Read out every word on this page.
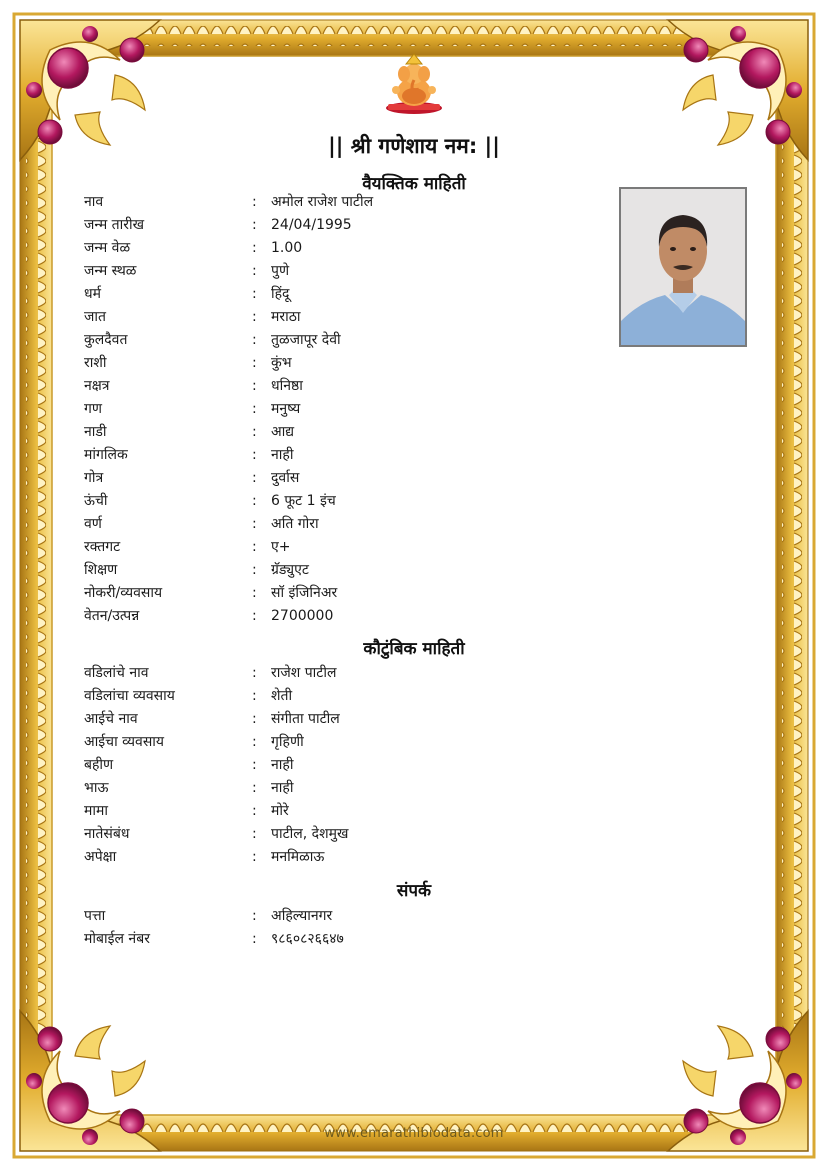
|| श्री गणेशाय नम: ||
वैयक्तिक माहिती
नाव	: अमोल राजेश पाटील
जन्म तारीख	: 24/04/1995
जन्म वेळ	: 1.00
जन्म स्थळ	: पुणे
धर्म	: हिंदू
जात	: मराठा
कुलदैवत	: तुळजापूर देवी
राशी	: कुंभ
नक्षत्र	: धनिष्ठा
गण	: मनुष्य
नाडी	: आद्य
मांगलिक	: नाही
गोत्र	: दुर्वास
ऊंची	: 6 फूट 1 इंच
वर्ण	: अति गोरा
रक्तगट	: ए+
शिक्षण	: ग्रॅड्युएट
नोकरी/व्यवसाय	: सॉ इंजिनिअर
वेतन/उत्पन्न	: 2700000
कौटुंबिक माहिती
वडिलांचे नाव	: राजेश पाटील
वडिलांचा व्यवसाय	: शेती
आईचे नाव	: संगीता पाटील
आईचा व्यवसाय	: गृहिणी
बहीण	: नाही
भाऊ	: नाही
मामा	: मोरे
नातेसंबंध	: पाटील, देशमुख
अपेक्षा	: मनमिळाऊ
संपर्क
पत्ता	: अहिल्यानगर
मोबाईल नंबर	: ९८६०८२६६४७
www.emarathibiodata.com
